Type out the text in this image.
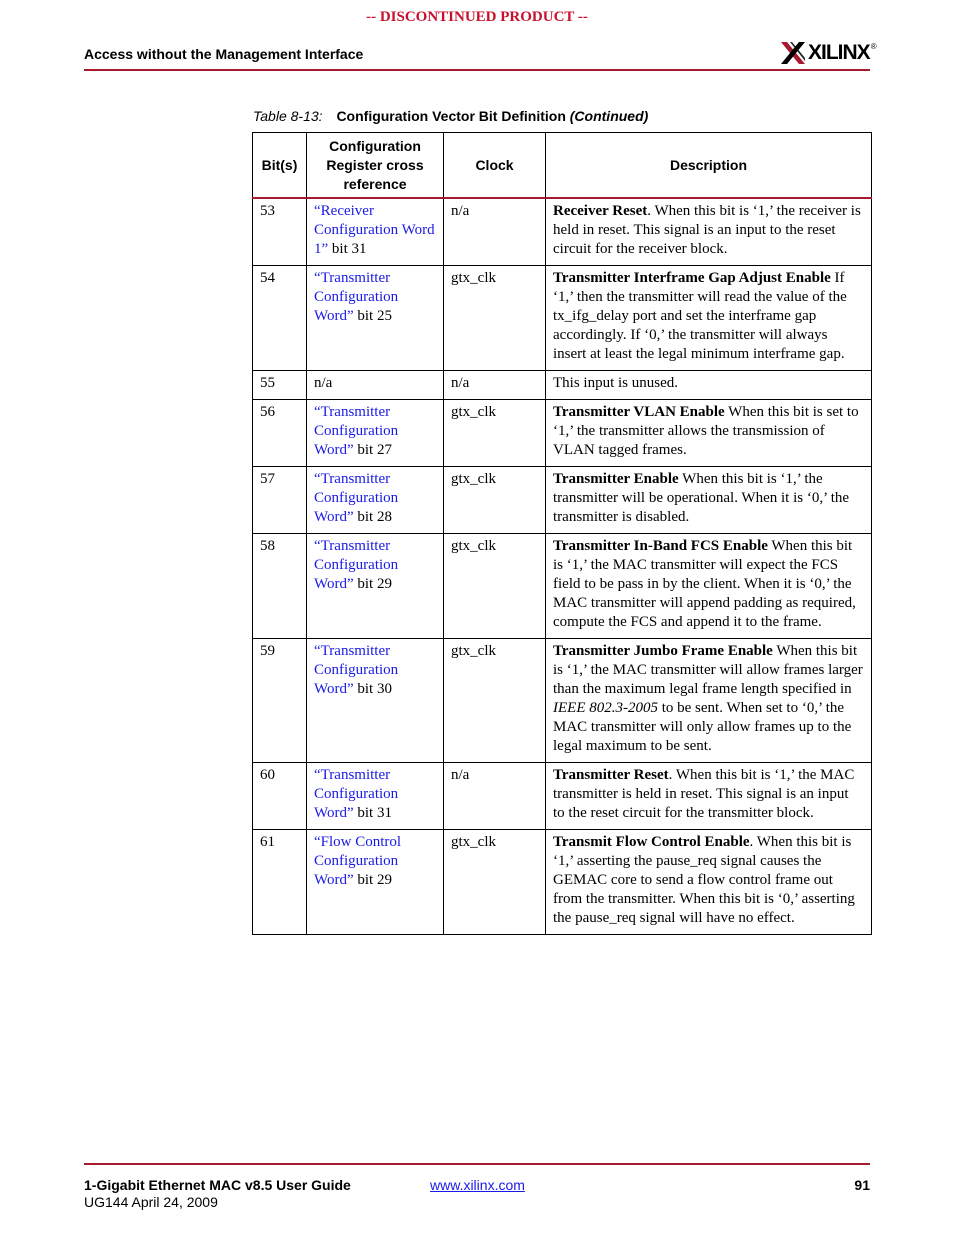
-- DISCONTINUED PRODUCT --
Access without the Management Interface	XILINX ®
Table 8-13: Configuration Vector Bit Definition (Continued)
Bit(s)	Configuration Register cross reference	Clock	Description
53	“Receiver Configuration Word 1” bit 31	n/a	Receiver Reset. When this bit is ‘1,’ the receiver is held in reset. This signal is an input to the reset circuit for the receiver block.
54	“Transmitter Configuration Word” bit 25	gtx_clk	Transmitter Interframe Gap Adjust Enable If ‘1,’ then the transmitter will read the value of the tx_ifg_delay port and set the interframe gap accordingly. If ‘0,’ the transmitter will always insert at least the legal minimum interframe gap.
55	n/a	n/a	This input is unused.
56	“Transmitter Configuration Word” bit 27	gtx_clk	Transmitter VLAN Enable When this bit is set to ‘1,’ the transmitter allows the transmission of VLAN tagged frames.
57	“Transmitter Configuration Word” bit 28	gtx_clk	Transmitter Enable When this bit is ‘1,’ the transmitter will be operational. When it is ‘0,’ the transmitter is disabled.
58	“Transmitter Configuration Word” bit 29	gtx_clk	Transmitter In-Band FCS Enable When this bit is ‘1,’ the MAC transmitter will expect the FCS field to be pass in by the client. When it is ‘0,’ the MAC transmitter will append padding as required, compute the FCS and append it to the frame.
59	“Transmitter Configuration Word” bit 30	gtx_clk	Transmitter Jumbo Frame Enable When this bit is ‘1,’ the MAC transmitter will allow frames larger than the maximum legal frame length specified in IEEE 802.3-2005 to be sent. When set to ‘0,’ the MAC transmitter will only allow frames up to the legal maximum to be sent.
60	“Transmitter Configuration Word” bit 31	n/a	Transmitter Reset. When this bit is ‘1,’ the MAC transmitter is held in reset. This signal is an input to the reset circuit for the transmitter block.
61	“Flow Control Configuration Word” bit 29	gtx_clk	Transmit Flow Control Enable. When this bit is ‘1,’ asserting the pause_req signal causes the GEMAC core to send a flow control frame out from the transmitter. When this bit is ‘0,’ asserting the pause_req signal will have no effect.
1-Gigabit Ethernet MAC v8.5 User Guide
UG144 April 24, 2009
www.xilinx.com	91
